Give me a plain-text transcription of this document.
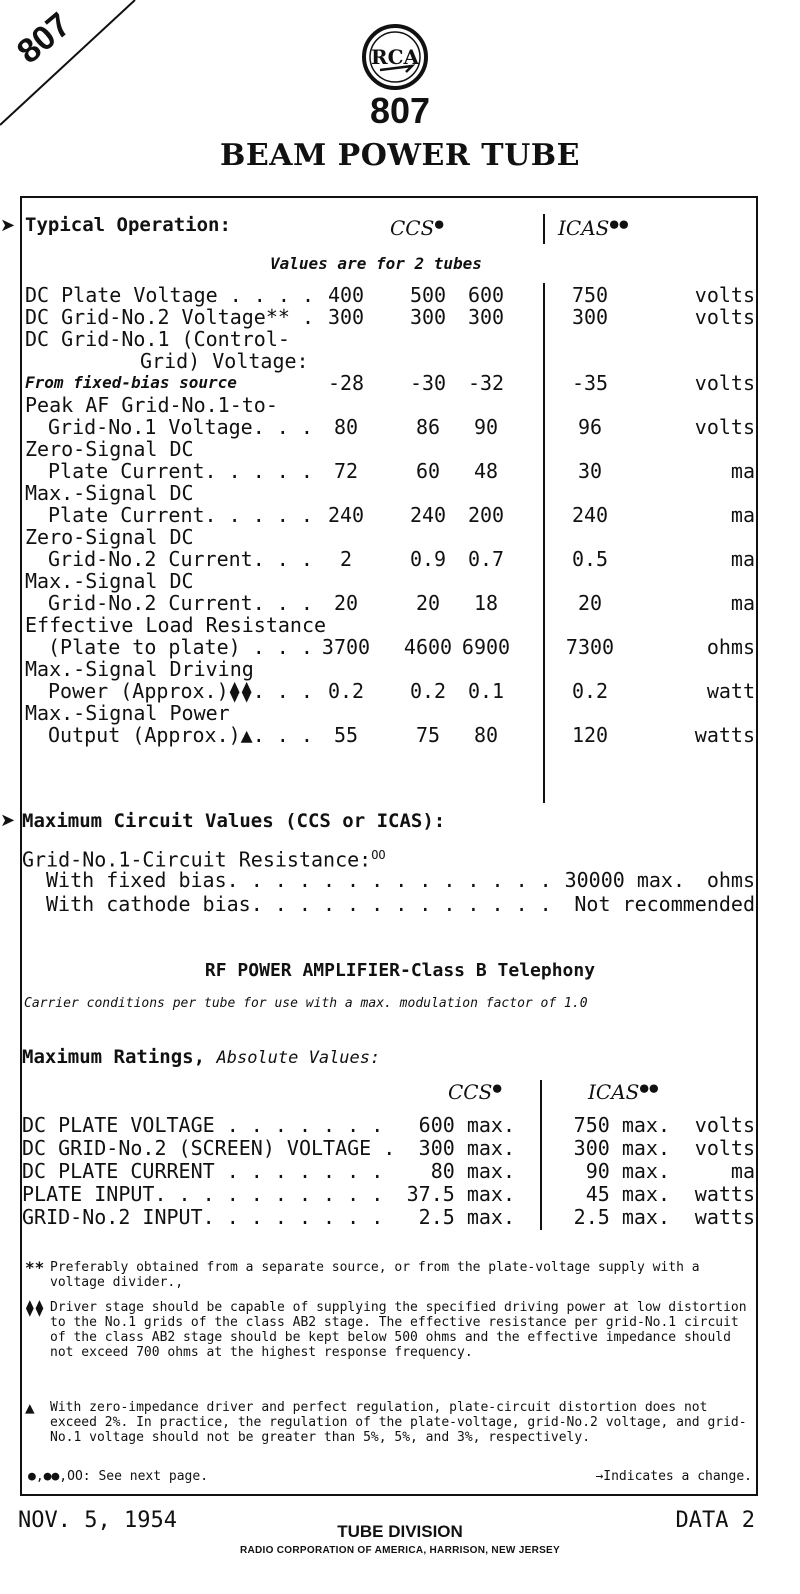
807	RCA
807
BEAM POWER TUBE
➤
➤
Typical Operation:	CCS●	ICAS●●
Values are for 2 tubes
DC Plate Voltage . . . . 400	500	600	750	volts
DC Grid-No.2 Voltage** . 300	300	300	300	volts
DC Grid-No.1 (Control-
Grid) Voltage:
From fixed-bias source	-28	-30	-32	-35	volts
Peak AF Grid-No.1-to-
Grid-No.1 Voltage. . .	80	86	90	96	volts
Zero-Signal DC
Plate Current. . . . .	72	60	48	30	ma
Max.-Signal DC
Plate Current. . . . . 240	240	200	240	ma
Zero-Signal DC
Grid-No.2 Current. . .	2	0.9	0.7	0.5	ma
Max.-Signal DC
Grid-No.2 Current. . .	20	20	18	20	ma
Effective Load Resistance
(Plate to plate) . . . 3700 4600 6900	7300	ohms
Max.-Signal Driving
Power (Approx.)⧫⧫. . . 0.2	0.2	0.1	0.2	watt
Max.-Signal Power
Output (Approx.)▲. . .	55	75	80	120	watts
Maximum Circuit Values (CCS or ICAS):
Grid-No.1-Circuit Resistance:$^{OO}$
With fixed bias. . . . . . . . . . . . . . 30000 max. ohms
With cathode bias. . . . . . . . . . . . . Not recommended
RF POWER AMPLIFIER-Class B Telephony
Carrier conditions per tube for use with a max. modulation factor of 1.0
Maximum Ratings, Absolute Values:
CCS●	ICAS●●
DC PLATE VOLTAGE . . . . . . .	600 max.	750 max. volts
DC GRID-No.2 (SCREEN) VOLTAGE .	300 max.	300 max. volts
DC PLATE CURRENT . . . . . . .	80 max.	90 max.	ma
PLATE INPUT. . . . . . . . . .	37.5 max.	45 max. watts
GRID-No.2 INPUT. . . . . . . .	2.5 max.	2.5 max. watts
** Preferably obtained from a separate source, or from the plate-voltage supply with a voltage divider.,
⧫⧫ Driver stage should be capable of supplying the specified driving power at low distortion to the No.1 grids of the class AB2 stage. The effective resistance per grid-No.1 circuit of the class AB2 stage should be kept below 500 ohms and the effective impedance should not exceed 700 ohms at the highest response frequency.
▲ With zero-impedance driver and perfect regulation, plate-circuit distortion does not exceed 2%. In practice, the regulation of the plate-voltage, grid-No.2 voltage, and grid-No.1 voltage should not be greater than 5%, 5%, and 3%, respectively.
●,●●,OO: See next page.	→Indicates a change.
NOV. 5, 1954	TUBE DIVISION
RADIO CORPORATION OF AMERICA, HARRISON, NEW JERSEY
DATA 2
